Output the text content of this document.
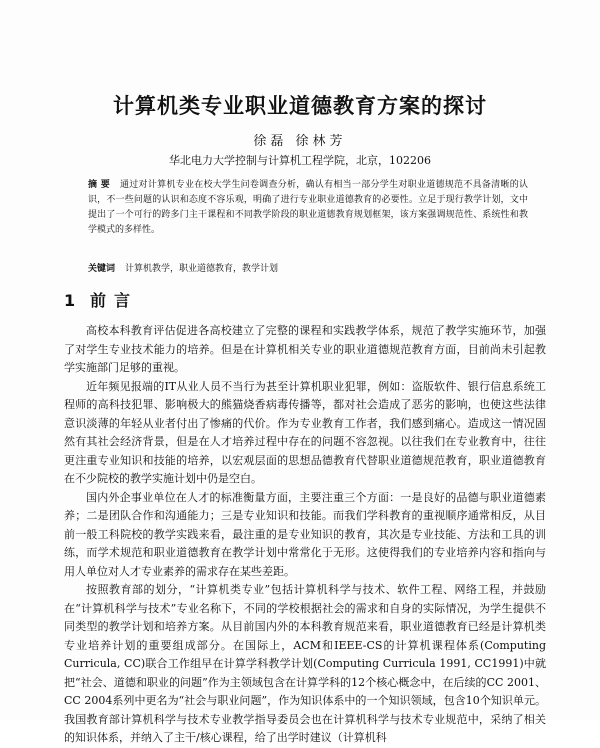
计算机类专业职业道德教育方案的探讨
徐磊 徐林芳
华北电力大学控制与计算机工程学院，北京，102206
摘 要 通过对计算机专业在校大学生问卷调查分析，确认有相当一部分学生对职业道德规范不具备清晰的认识，不一些问题的认识和态度不容乐观，明确了进行专业职业道德教育的必要性。立足于现行教学计划，文中提出了一个可行的跨多门主干课程和不同教学阶段的职业道德教育规划框架，该方案强调规范性、系统性和教学模式的多样性。
关键词 计算机教学，职业道德教育，教学计划
1 前言

高校本科教育评估促进各高校建立了完整的课程和实践教学体系，规范了教学实施环节，加强了对学生专业技术能力的培养。但是在计算机相关专业的职业道德规范教育方面，目前尚未引起教学实施部门足够的重视。

近年频见报端的IT从业人员不当行为甚至计算机职业犯罪，例如：盗版软件、银行信息系统工程师的高科技犯罪、影响极大的熊猫烧香病毒传播等，都对社会造成了恶劣的影响，也使这些法律意识淡薄的年轻从业者付出了惨痛的代价。作为专业教育工作者，我们感到痛心。造成这一情况固然有其社会经济背景，但是在人才培养过程中存在的问题不容忽视。以往我们在专业教育中，往往更注重专业知识和技能的培养，以宏观层面的思想品德教育代替职业道德规范教育，职业道德教育在不少院校的教学实施计划中仍是空白。

国内外企事业单位在人才的标准衡量方面，主要注重三个方面：一是良好的品德与职业道德素养；二是团队合作和沟通能力；三是专业知识和技能。而我们学科教育的重视顺序通常相反，从目前一般工科院校的教学实践来看，最注重的是专业知识的教育，其次是专业技能、方法和工具的训练，而学术规范和职业道德教育在教学计划中常常化于无形。这使得我们的专业培养内容和指向与用人单位对人才专业素养的需求存在某些差距。

按照教育部的划分，“计算机类专业”包括计算机科学与技术、软件工程、网络工程，并鼓励在“计算机科学与技术”专业名称下，不同的学校根据社会的需求和自身的实际情况，为学生提供不同类型的教学计划和培养方案。从目前国内外的本科教育规范来看，职业道德教育已经是计算机类专业培养计划的重要组成部分。在国际上，ACM和IEEE-CS的计算机课程体系(Computing Curricula, CC)联合工作组早在计算学科教学计划(Computing Curricula 1991, CC1991)中就把“社会、道德和职业的问题”作为主领域包含在计算学科的12个核心概念中，在后续的CC 2001、CC 2004系列中更名为“社会与职业问题”，作为知识体系中的一个知识领域，包含10个知识单元。我国教育部计算机科学与技术专业教学指导委员会也在计算机科学与技术专业规范中，采纳了相关的知识体系，并纳入了主干/核心课程，给了出学时建议（计算机科
